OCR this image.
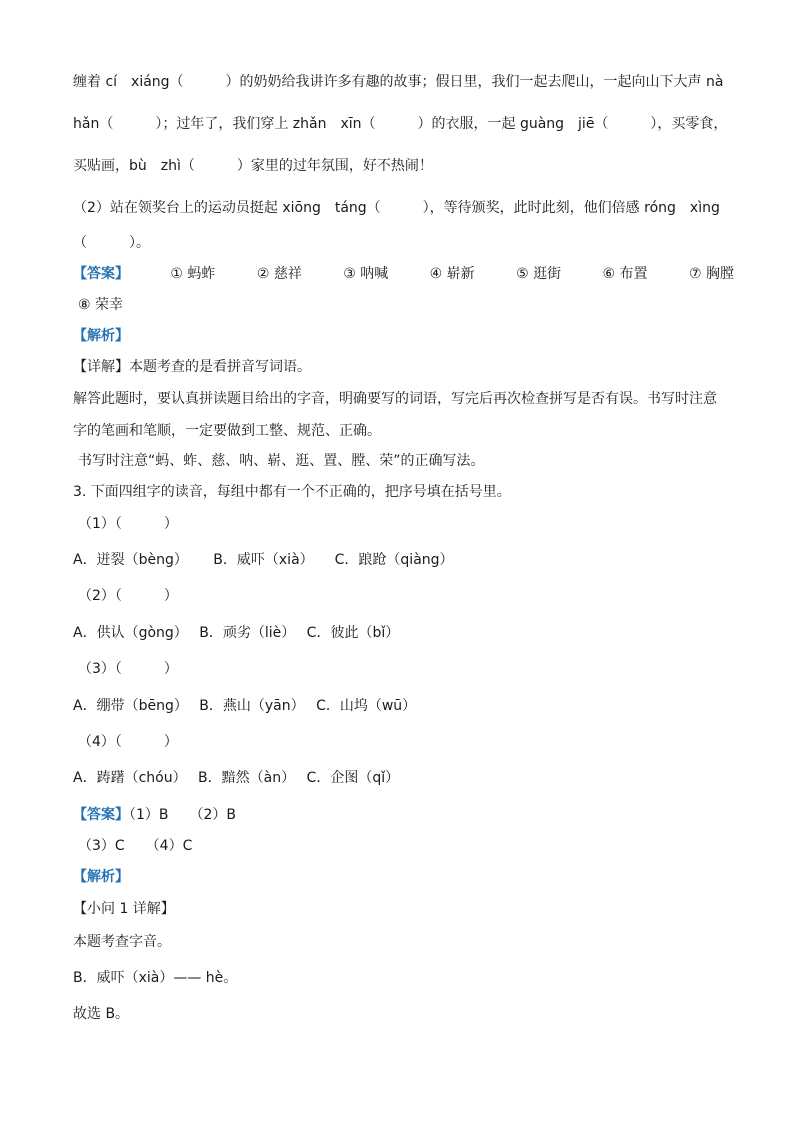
缠着 cí　xiáng（　　　）的奶奶给我讲许多有趣的故事；假日里，我们一起去爬山，一起向山下大声 nà
hǎn（　　　）；过年了，我们穿上 zhǎn　xīn（　　　）的衣服，一起 guàng　jiē（　　　），买零食，
买贴画，bù　zhì（　　　）家里的过年氛围，好不热闹！
（2）站在领奖台上的运动员挺起 xiōng　táng（　　　），等待颁奖，此时此刻，他们倍感 róng　xìng
（　　　）。
【答案】	① 蚂蚱	② 慈祥	③ 呐喊	④ 崭新	⑤ 逛街	⑥ 布置	⑦ 胸膛
⑧ 荣幸
【解析】
【详解】本题考查的是看拼音写词语。
解答此题时，要认真拼读题目给出的字音，明确要写的词语，写完后再次检查拼写是否有误。书写时注意
字的笔画和笔顺，一定要做到工整、规范、正确。
书写时注意“蚂、蚱、慈、呐、崭、逛、置、膛、荣”的正确写法。
3. 下面四组字的读音，每组中都有一个不正确的，把序号填在括号里。
（1）（　　　）
A．迸裂（bèng）　　 B．威吓（xià）　　C．踉跄（qiàng）
（2）（　　　）
A．供认（gòng）　 B．顽劣（liè）　 C．彼此（bǐ）
（3）（　　　）
A．绷带（bēng）　 B．燕山（yān）　 C．山坞（wū）
（4）（　　　）
A．踌躇（chóu）　 B．黯然（àn）　 C．企图（qǐ）
【答案】（1）B　　（2）B
（3）C　　（4）C
【解析】
【小问 1 详解】
本题考查字音。
B．威吓（xià）—— hè。
故选 B。
